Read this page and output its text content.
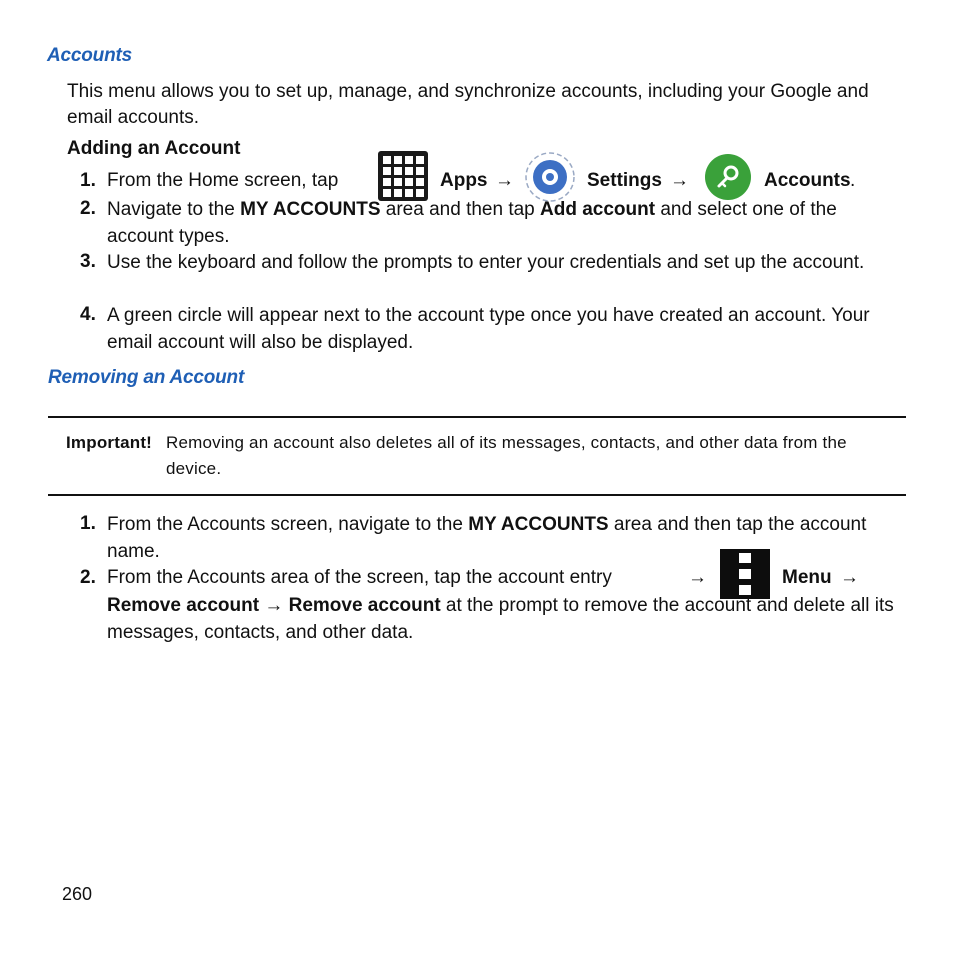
Accounts
This menu allows you to set up, manage, and synchronize accounts, including your Google and email accounts.
Adding an Account
1. From the Home screen, tap	Apps →	Settings →	Accounts .
2. Navigate to the MY ACCOUNTS area and then tap Add account and select one of the account types.
3. Use the keyboard and follow the prompts to enter your credentials and set up the account.
4. A green circle will appear next to the account type once you have created an account. Your email account will also be displayed.
Removing an Account
Important! Removing an account also deletes all of its messages, contacts, and other data from the device.
1. From the Accounts screen, navigate to the MY ACCOUNTS area and then tap the account name.
2. From the Accounts area of the screen, tap the account entry	→	Menu →
Remove account → Remove account at the prompt to remove the account and delete all its messages, contacts, and other data.
260
